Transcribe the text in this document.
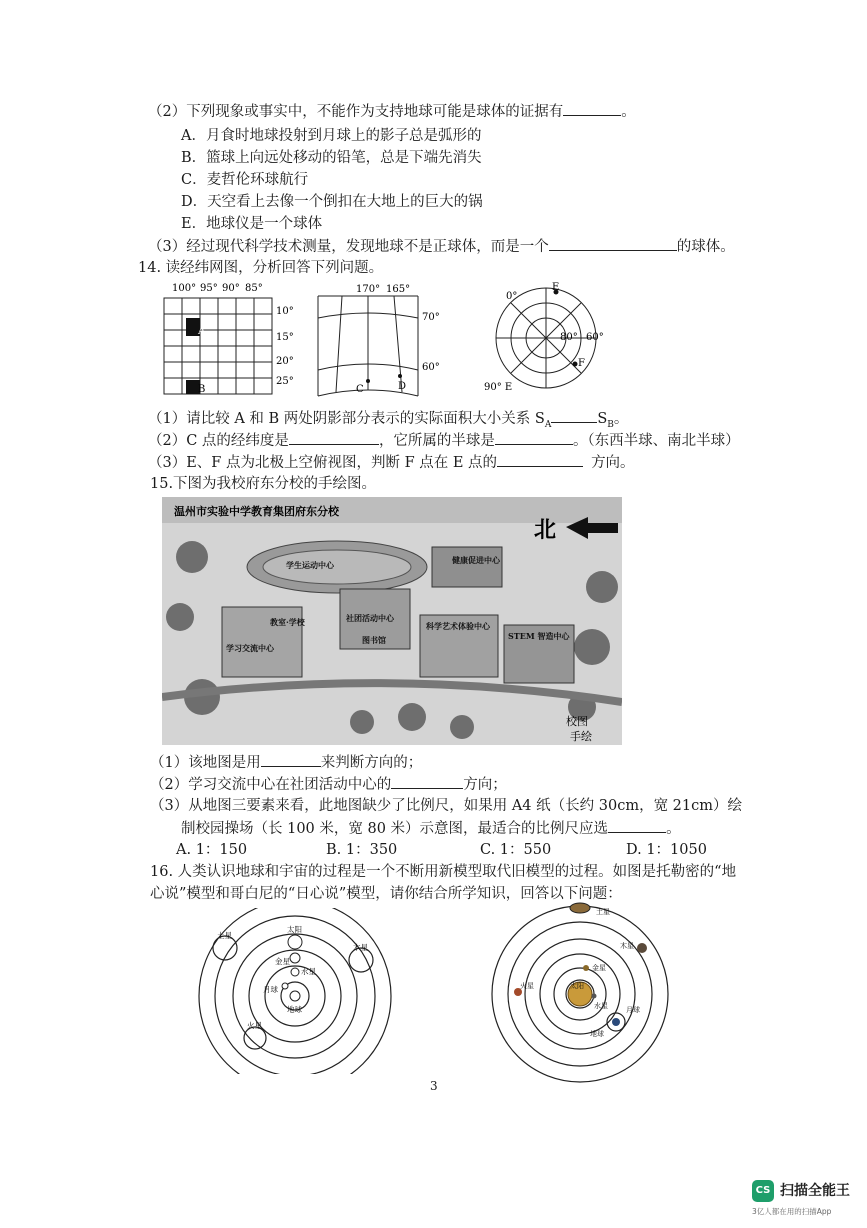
（2）下列现象或事实中，不能作为支持地球可能是球体的证据有	。
A．月食时地球投射到月球上的影子总是弧形的
B．篮球上向远处移动的铅笔，总是下端先消失
C．麦哲伦环球航行
D．天空看上去像一个倒扣在大地上的巨大的锅
E．地球仪是一个球体
（3）经过现代科学技术测量，发现地球不是正球体，而是一个	的球体。
14. 读经纬网图，分析回答下列问题。
100° 95° 90° 85°
A
B
10°
15°
20°
25°
170° 165°
C	D
70°
60°
0°
E
80° 60°
F
90° E
（1）请比较 A 和 B 两处阴影部分表示的实际面积大小关系 $S_A$	$S_B$。
（2）C 点的经纬度是	，它所属的半球是	。（东西半球、南北半球）
（3）E、F 点为北极上空俯视图，判断 F 点在 E 点的	方向。
15.下图为我校府东分校的手绘图。
温州市实验中学教育集团府东分校
北
学生运动中心	健康促进中心
社团活动中心
科学艺术体验中心
STEM 智造中心
学习交流中心
教室·学校
图书馆
校图
手绘
（1）该地图是用	来判断方向的；
（2）学习交流中心在社团活动中心的	方向；
（3）从地图三要素来看，此地图缺少了比例尺，如果用 A4 纸（长约 30cm，宽 21cm）绘
制校园操场（长 100 米，宽 80 米）示意图，最适合的比例尺应选	。
A. 1：150	B. 1：350	C. 1：550	D. 1：1050
16. 人类认识地球和宇宙的过程是一个不断用新模型取代旧模型的过程。如图是托勒密的“地
心说”模型和哥白尼的“日心说”模型，请你结合所学知识，回答以下问题：
土星
太阳
木星
金星
水星
月球
地球
火星
土星
木星
金星
火星	太阳
水星	月球
地球
3
CS 扫描全能王
3亿人都在用的扫描App
